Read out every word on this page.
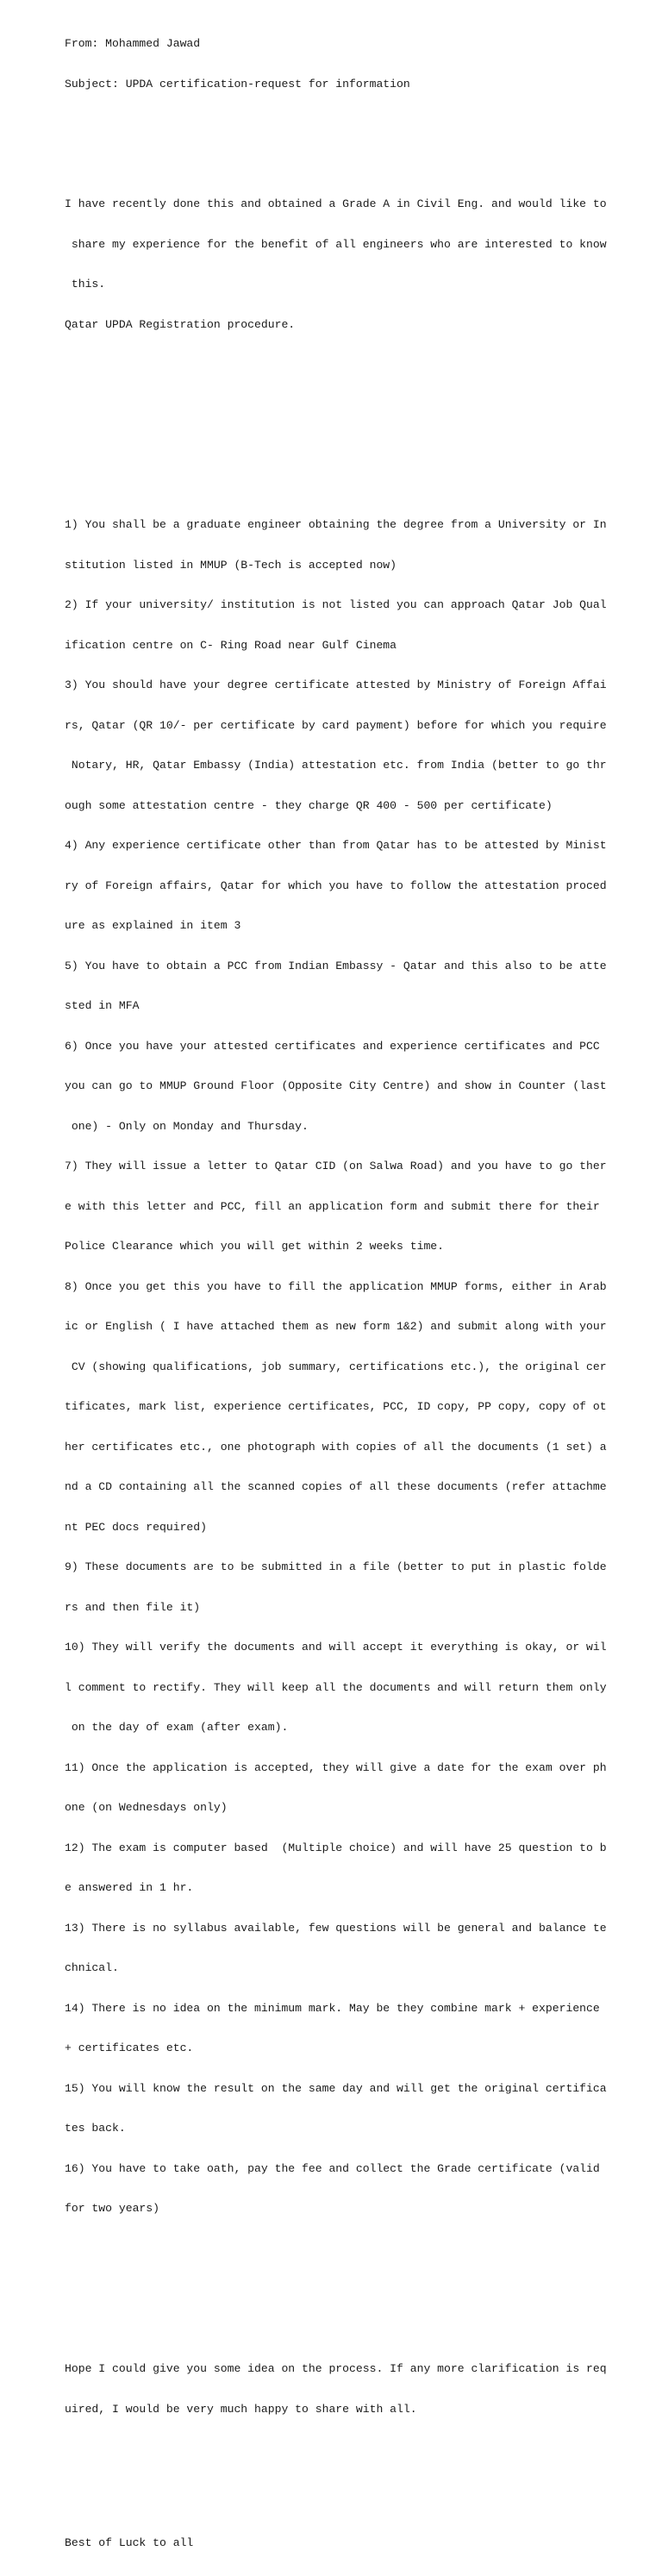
From: Mohammed Jawad

Subject: UPDA certification-request for information

I have recently done this and obtained a Grade A in Civil Eng. and would like to

share my experience for the benefit of all engineers who are interested to know

this.

Qatar UPDA Registration procedure.

1) You shall be a graduate engineer obtaining the degree from a University or In

stitution listed in MMUP (B-Tech is accepted now)

2) If your university/ institution is not listed you can approach Qatar Job Qual

ification centre on C- Ring Road near Gulf Cinema

3) You should have your degree certificate attested by Ministry of Foreign Affai

rs, Qatar (QR 10/- per certificate by card payment) before for which you require

Notary, HR, Qatar Embassy (India) attestation etc. from India (better to go thr

ough some attestation centre - they charge QR 400 - 500 per certificate)

4) Any experience certificate other than from Qatar has to be attested by Minist

ry of Foreign affairs, Qatar for which you have to follow the attestation proced

ure as explained in item 3

5) You have to obtain a PCC from Indian Embassy - Qatar and this also to be atte

sted in MFA

6) Once you have your attested certificates and experience certificates and PCC

you can go to MMUP Ground Floor (Opposite City Centre) and show in Counter (last

one) - Only on Monday and Thursday.

7) They will issue a letter to Qatar CID (on Salwa Road) and you have to go ther

e with this letter and PCC, fill an application form and submit there for their

Police Clearance which you will get within 2 weeks time.

8) Once you get this you have to fill the application MMUP forms, either in Arab

ic or English ( I have attached them as new form 1&2) and submit along with your

CV (showing qualifications, job summary, certifications etc.), the original cer

tificates, mark list, experience certificates, PCC, ID copy, PP copy, copy of ot

her certificates etc., one photograph with copies of all the documents (1 set) a

nd a CD containing all the scanned copies of all these documents (refer attachme

nt PEC docs required)

9) These documents are to be submitted in a file (better to put in plastic folde

rs and then file it)

10) They will verify the documents and will accept it everything is okay, or wil

l comment to rectify. They will keep all the documents and will return them only

on the day of exam (after exam).

11) Once the application is accepted, they will give a date for the exam over ph

one (on Wednesdays only)

12) The exam is computer based  (Multiple choice) and will have 25 question to b

e answered in 1 hr.

13) There is no syllabus available, few questions will be general and balance te

chnical.

14) There is no idea on the minimum mark. May be they combine mark + experience

+ certificates etc.

15) You will know the result on the same day and will get the original certifica

tes back.

16) You have to take oath, pay the fee and collect the Grade certificate (valid

for two years)

Hope I could give you some idea on the process. If any more clarification is req

uired, I would be very much happy to share with all.

Best of Luck to all
